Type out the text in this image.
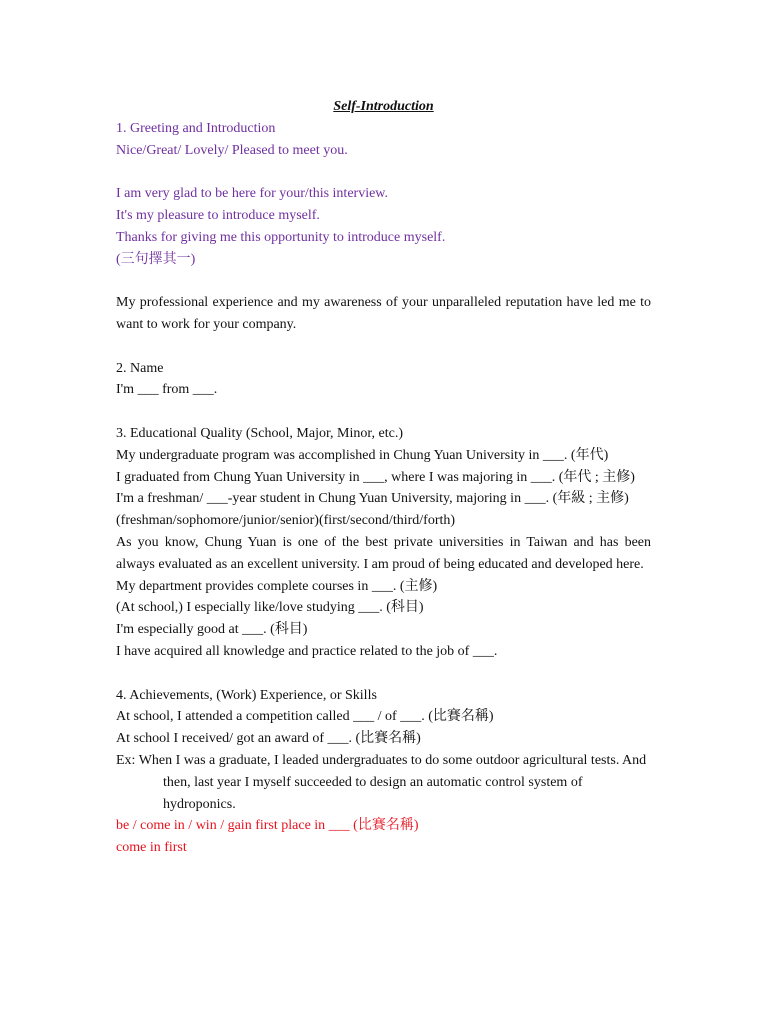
Self-Introduction

1. Greeting and Introduction

Nice/Great/ Lovely/ Pleased to meet you.

I am very glad to be here for your/this interview.

It's my pleasure to introduce myself.

Thanks for giving me this opportunity to introduce myself.

(三句擇其一)

My professional experience and my awareness of your unparalleled reputation have led me to want to work for your company.

2. Name

I'm ___ from ___.

3. Educational Quality (School, Major, Minor, etc.)

My undergraduate program was accomplished in Chung Yuan University in ___. (年代)

I graduated from Chung Yuan University in ___, where I was majoring in ___. (年代 ; 主修)

I'm a freshman/ ___-year student in Chung Yuan University, majoring in ___. (年級 ; 主修) (freshman/sophomore/junior/senior)(first/second/third/forth)

As you know, Chung Yuan is one of the best private universities in Taiwan and has been always evaluated as an excellent university. I am proud of being educated and developed here.

My department provides complete courses in ___. (主修)

(At school,) I especially like/love studying ___. (科目)

I'm especially good at ___. (科目)

I have acquired all knowledge and practice related to the job of ___.

4. Achievements, (Work) Experience, or Skills

At school, I attended a competition called ___ / of ___. (比賽名稱)

At school I received/ got an award of ___. (比賽名稱)

Ex: When I was a graduate, I leaded undergraduates to do some outdoor agricultural tests. And then, last year I myself succeeded to design an automatic control system of hydroponics.

be / come in / win / gain first place in ___ (比賽名稱)

come in first
